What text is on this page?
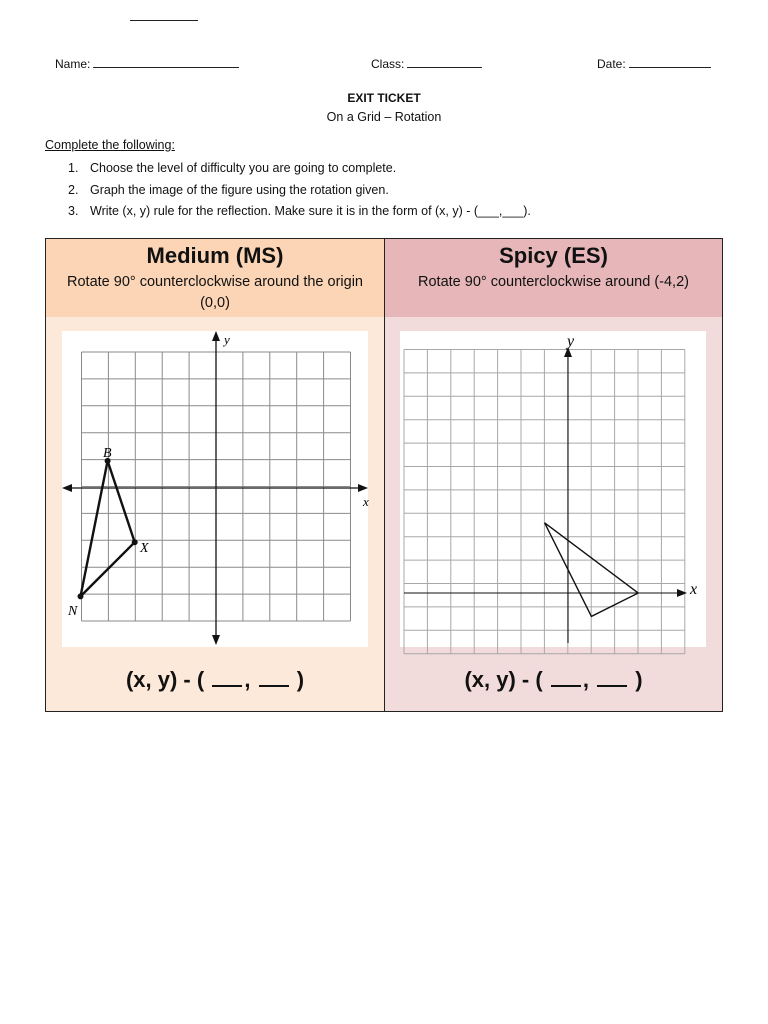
Name:	Class:	Date:
EXIT TICKET
On a Grid – Rotation
Complete the following:
1. Choose the level of difficulty you are going to complete.
2. Graph the image of the figure using the rotation given.
3. Write (x, y) rule for the reflection. Make sure it is in the form of (x, y) - (___,___).
Medium (MS)
Rotate 90° counterclockwise around the origin (0,0)
x
y
B
X
N
(x, y) - ( , )
Spicy (ES)
Rotate 90° counterclockwise around (-4,2)
x
y
(x, y) - ( , )
